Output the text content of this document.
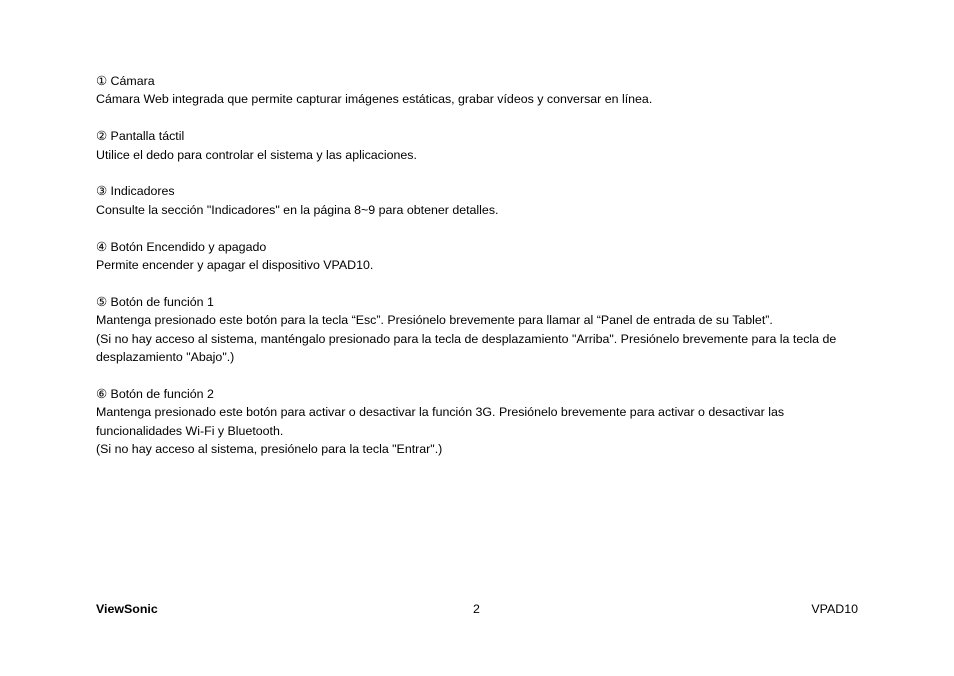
① Cámara
Cámara Web integrada que permite capturar imágenes estáticas, grabar vídeos y conversar en línea.
② Pantalla táctil
Utilice el dedo para controlar el sistema y las aplicaciones.
③ Indicadores
Consulte la sección "Indicadores" en la página 8~9 para obtener detalles.
④ Botón Encendido y apagado
Permite encender y apagar el dispositivo VPAD10.
⑤ Botón de función 1
Mantenga presionado este botón para la tecla “Esc”. Presiónelo brevemente para llamar al “Panel de entrada de su Tablet”.
(Si no hay acceso al sistema, manténgalo presionado para la tecla de desplazamiento "Arriba". Presiónelo brevemente para la tecla de desplazamiento "Abajo".)
⑥ Botón de función 2
Mantenga presionado este botón para activar o desactivar la función 3G. Presiónelo brevemente para activar o desactivar las funcionalidades Wi-Fi y Bluetooth.
(Si no hay acceso al sistema, presiónelo para la tecla "Entrar".)
ViewSonic	2	VPAD10
